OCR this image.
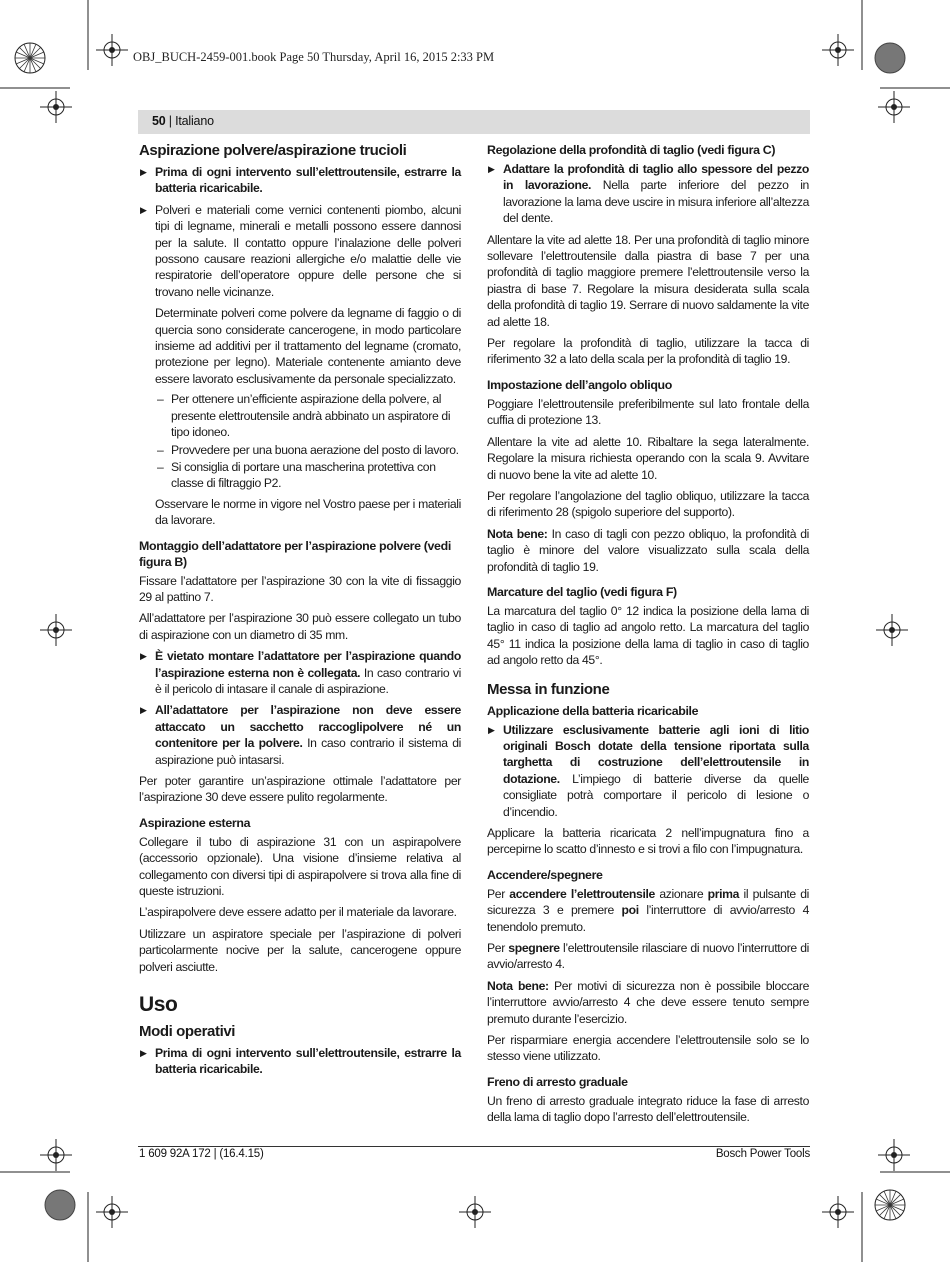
OBJ_BUCH-2459-001.book Page 50 Thursday, April 16, 2015 2:33 PM
50 | Italiano
Aspirazione polvere/aspirazione trucioli
▶ Prima di ogni intervento sull’elettroutensile, estrarre la batteria ricaricabile.
▶ Polveri e materiali come vernici contenenti piombo, alcuni tipi di legname, minerali e metalli possono essere dannosi per la salute. Il contatto oppure l’inalazione delle polveri possono causare reazioni allergiche e/o malattie delle vie respiratorie dell’operatore oppure delle persone che si trovano nelle vicinanze.
Determinate polveri come polvere da legname di faggio o di quercia sono considerate cancerogene, in modo particolare insieme ad additivi per il trattamento del legname (cromato, protezione per legno). Materiale contenente amianto deve essere lavorato esclusivamente da personale specializzato.
– Per ottenere un’efficiente aspirazione della polvere, al presente elettroutensile andrà abbinato un aspiratore di tipo idoneo.
– Provvedere per una buona aerazione del posto di lavoro.
– Si consiglia di portare una mascherina protettiva con classe di filtraggio P2.
Osservare le norme in vigore nel Vostro paese per i materiali da lavorare.
Montaggio dell’adattatore per l’aspirazione polvere (vedi figura B)

Fissare l’adattatore per l’aspirazione 30 con la vite di fissaggio 29 al pattino 7.

All’adattatore per l’aspirazione 30 può essere collegato un tubo di aspirazione con un diametro di 35 mm.

▶ È vietato montare l’adattatore per l’aspirazione quando l’aspirazione esterna non è collegata. In caso contrario vi è il pericolo di intasare il canale di aspirazione.
▶ All’adattatore per l’aspirazione non deve essere attaccato un sacchetto raccoglipolvere né un contenitore per la polvere. In caso contrario il sistema di aspirazione può intasarsi.

Per poter garantire un’aspirazione ottimale l’adattatore per l’aspirazione 30 deve essere pulito regolarmente.

Aspirazione esterna

Collegare il tubo di aspirazione 31 con un aspirapolvere (accessorio opzionale). Una visione d’insieme relativa al collegamento con diversi tipi di aspirapolvere si trova alla fine di queste istruzioni.

L’aspirapolvere deve essere adatto per il materiale da lavorare.

Utilizzare un aspiratore speciale per l’aspirazione di polveri particolarmente nocive per la salute, cancerogene oppure polveri asciutte.

Uso
Modi operativi
▶ Prima di ogni intervento sull’elettroutensile, estrarre la batteria ricaricabile.
Regolazione della profondità di taglio (vedi figura C)
▶ Adattare la profondità di taglio allo spessore del pezzo in lavorazione. Nella parte inferiore del pezzo in lavorazione la lama deve uscire in misura inferiore all’altezza del dente.

Allentare la vite ad alette 18. Per una profondità di taglio minore sollevare l’elettroutensile dalla piastra di base 7 per una profondità di taglio maggiore premere l’elettroutensile verso la piastra di base 7. Regolare la misura desiderata sulla scala della profondità di taglio 19. Serrare di nuovo saldamente la vite ad alette 18.

Per regolare la profondità di taglio, utilizzare la tacca di riferimento 32 a lato della scala per la profondità di taglio 19.

Impostazione dell’angolo obliquo

Poggiare l’elettroutensile preferibilmente sul lato frontale della cuffia di protezione 13.

Allentare la vite ad alette 10. Ribaltare la sega lateralmente. Regolare la misura richiesta operando con la scala 9. Avvitare di nuovo bene la vite ad alette 10.

Per regolare l’angolazione del taglio obliquo, utilizzare la tacca di riferimento 28 (spigolo superiore del supporto).

Nota bene: In caso di tagli con pezzo obliquo, la profondità di taglio è minore del valore visualizzato sulla scala della profondità di taglio 19.

Marcature del taglio (vedi figura F)

La marcatura del taglio 0° 12 indica la posizione della lama di taglio in caso di taglio ad angolo retto. La marcatura del taglio 45° 11 indica la posizione della lama di taglio in caso di taglio ad angolo retto da 45°.

Messa in funzione
Applicazione della batteria ricaricabile
▶ Utilizzare esclusivamente batterie agli ioni di litio originali Bosch dotate della tensione riportata sulla targhetta di costruzione dell’elettroutensile in dotazione. L’impiego di batterie diverse da quelle consigliate potrà comportare il pericolo di lesione o d’incendio.

Applicare la batteria ricaricata 2 nell’impugnatura fino a percepirne lo scatto d’innesto e si trovi a filo con l’impugnatura.

Accendere/spegnere

Per accendere l’elettroutensile azionare prima il pulsante di sicurezza 3 e premere poi l’interruttore di avvio/arresto 4 tenendolo premuto.

Per spegnere l’elettroutensile rilasciare di nuovo l’interruttore di avvio/arresto 4.

Nota bene: Per motivi di sicurezza non è possibile bloccare l’interruttore avvio/arresto 4 che deve essere tenuto sempre premuto durante l’esercizio.

Per risparmiare energia accendere l’elettroutensile solo se lo stesso viene utilizzato.

Freno di arresto graduale

Un freno di arresto graduale integrato riduce la fase di arresto della lama di taglio dopo l’arresto dell’elettroutensile.

1 609 92A 172 | (16.4.15)	Bosch Power Tools
